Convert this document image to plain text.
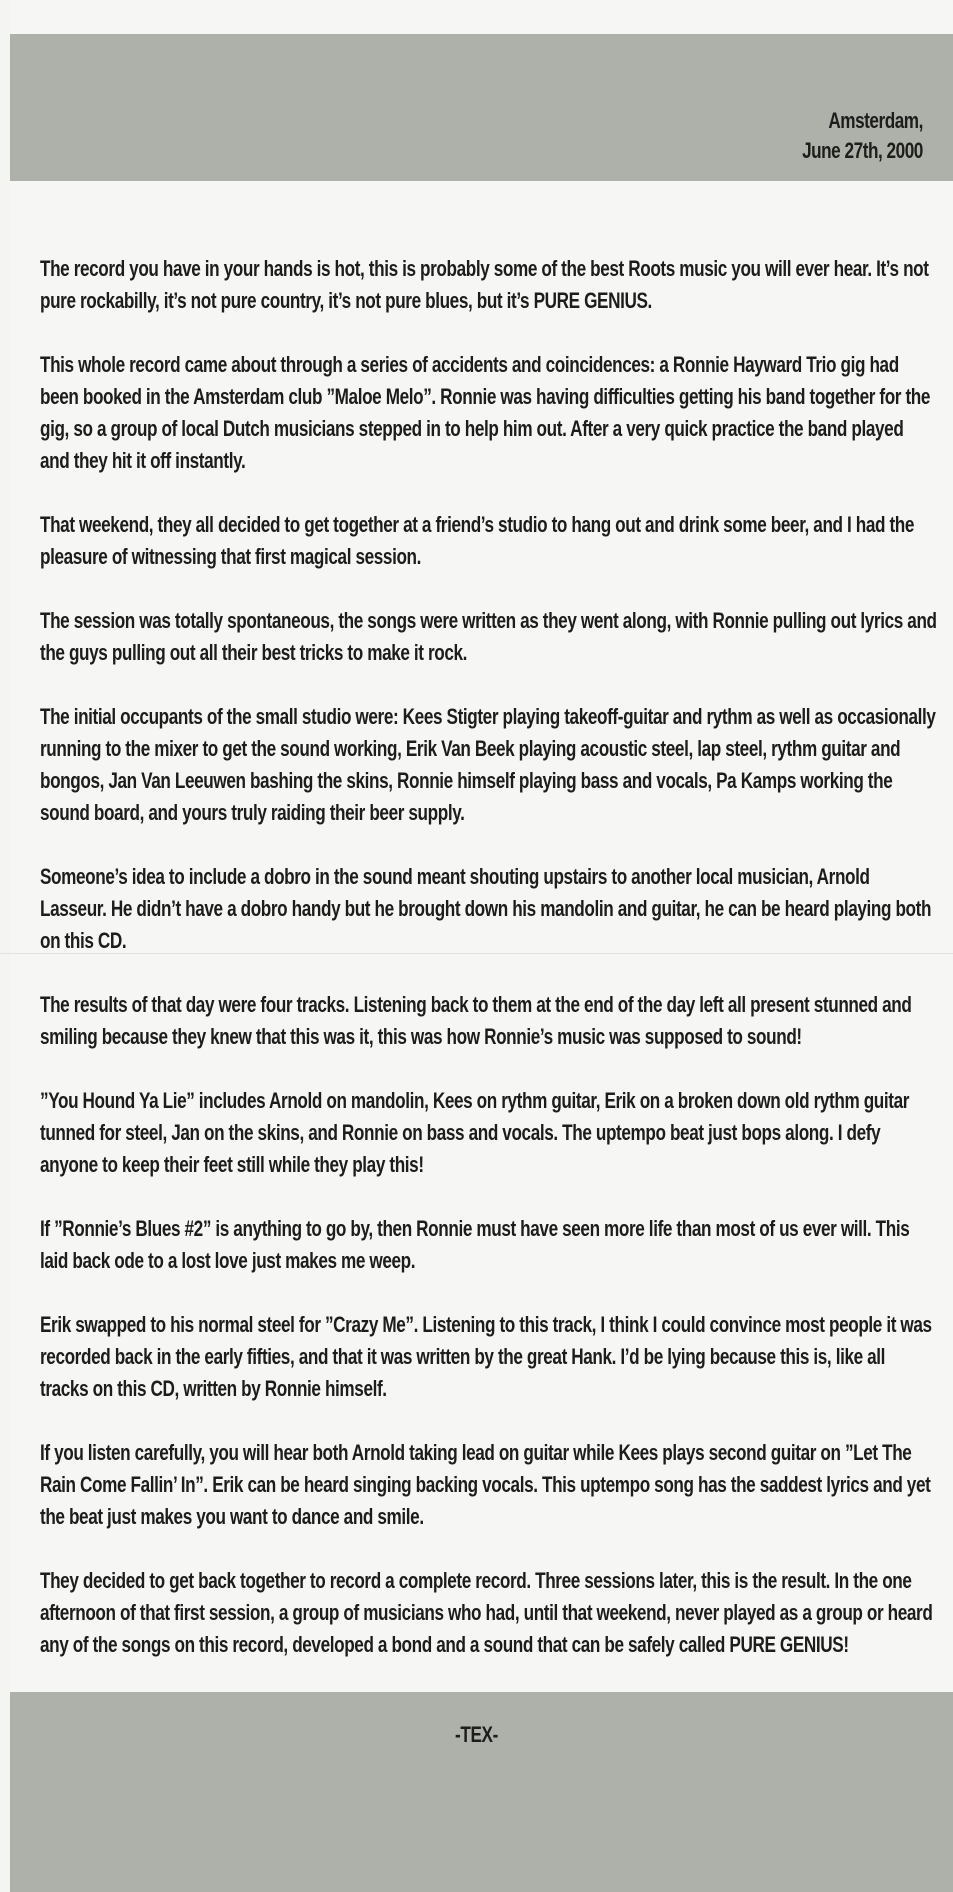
Amsterdam,
June 27th, 2000

The record you have in your hands is hot, this is probably some of the best Roots music you will ever hear. It’s not pure rockabilly, it’s not pure country, it’s not pure blues, but it’s PURE GENIUS.

This whole record came about through a series of accidents and coincidences: a Ronnie Hayward Trio gig had been booked in the Amsterdam club ”Maloe Melo”. Ronnie was having difficulties getting his band together for the gig, so a group of local Dutch musicians stepped in to help him out. After a very quick practice the band played and they hit it off instantly.

That weekend, they all decided to get together at a friend’s studio to hang out and drink some beer, and I had the pleasure of witnessing that first magical session.

The session was totally spontaneous, the songs were written as they went along, with Ronnie pulling out lyrics and the guys pulling out all their best tricks to make it rock.

The initial occupants of the small studio were: Kees Stigter playing takeoff-guitar and rythm as well as occasionally running to the mixer to get the sound working, Erik Van Beek playing acoustic steel, lap steel, rythm guitar and bongos, Jan Van Leeuwen bashing the skins, Ronnie himself playing bass and vocals, Pa Kamps working the sound board, and yours truly raiding their beer supply.

Someone’s idea to include a dobro in the sound meant shouting upstairs to another local musician, Arnold Lasseur. He didn’t have a dobro handy but he brought down his mandolin and guitar, he can be heard playing both on this CD.

The results of that day were four tracks. Listening back to them at the end of the day left all present stunned and smiling because they knew that this was it, this was how Ronnie’s music was supposed to sound!

”You Hound Ya Lie” includes Arnold on mandolin, Kees on rythm guitar, Erik on a broken down old rythm guitar tunned for steel, Jan on the skins, and Ronnie on bass and vocals. The uptempo beat just bops along. I defy anyone to keep their feet still while they play this!

If ”Ronnie’s Blues #2” is anything to go by, then Ronnie must have seen more life than most of us ever will. This laid back ode to a lost love just makes me weep.

Erik swapped to his normal steel for ”Crazy Me”. Listening to this track, I think I could convince most people it was recorded back in the early fifties, and that it was written by the great Hank. I’d be lying because this is, like all tracks on this CD, written by Ronnie himself.

If you listen carefully, you will hear both Arnold taking lead on guitar while Kees plays second guitar on ”Let The Rain Come Fallin’ In”. Erik can be heard singing backing vocals. This uptempo song has the saddest lyrics and yet the beat just makes you want to dance and smile.

They decided to get back together to record a complete record. Three sessions later, this is the result. In the one afternoon of that first session, a group of musicians who had, until that weekend, never played as a group or heard any of the songs on this record, developed a bond and a sound that can be safely called PURE GENIUS!

-TEX-
